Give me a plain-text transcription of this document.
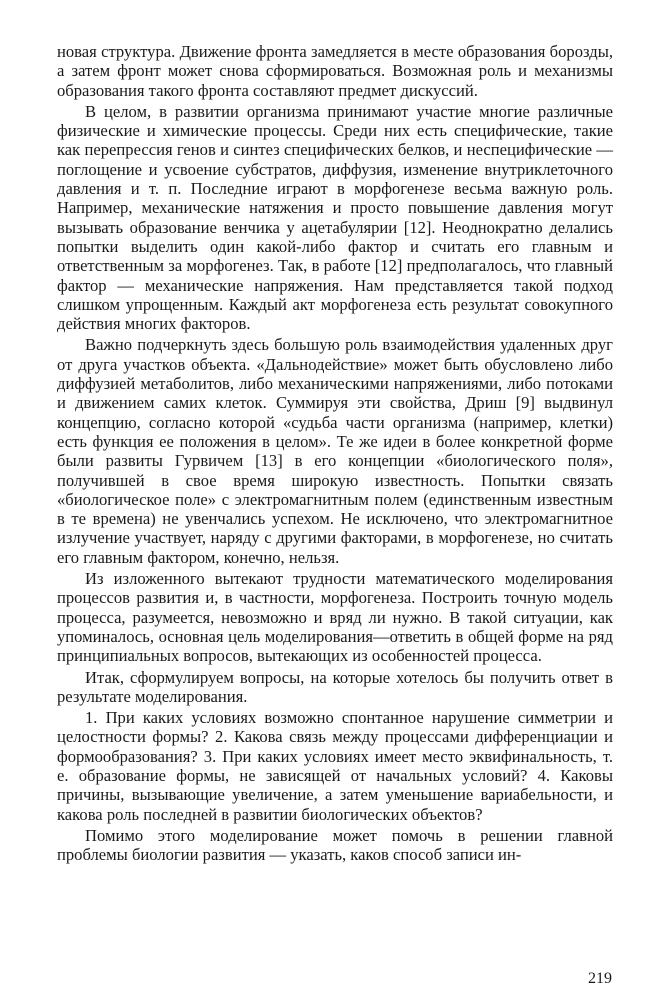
новая структура. Движение фронта замедляется в месте образования борозды, а затем фронт может снова сформироваться. Возможная роль и механизмы образования такого фронта составляют предмет дискуссий.

В целом, в развитии организма принимают участие многие различные физические и химические процессы. Среди них есть специфические, такие как перепрессия генов и синтез специфических белков, и неспецифические — поглощение и усвоение субстратов, диффузия, изменение внутриклеточного давления и т. п. Последние играют в морфогенезе весьма важную роль. Например, механические натяжения и просто повышение давления могут вызывать образование венчика у ацетабулярии [12]. Неоднократно делались попытки выделить один какой-либо фактор и считать его главным и ответственным за морфогенез. Так, в работе [12] предполагалось, что главный фактор — механические напряжения. Нам представляется такой подход слишком упрощенным. Каждый акт морфогенеза есть результат совокупного действия многих факторов.

Важно подчеркнуть здесь большую роль взаимодействия удаленных друг от друга участков объекта. «Дальнодействие» может быть обусловлено либо диффузией метаболитов, либо механическими напряжениями, либо потоками и движением самих клеток. Суммируя эти свойства, Дриш [9] выдвинул концепцию, согласно которой «судьба части организма (например, клетки) есть функция ее положения в целом». Те же идеи в более конкретной форме были развиты Гурвичем [13] в его концепции «биологического поля», получившей в свое время широкую известность. Попытки связать «биологическое поле» с электромагнитным полем (единственным известным в те времена) не увенчались успехом. Не исключено, что электромагнитное излучение участвует, наряду с другими факторами, в морфогенезе, но считать его главным фактором, конечно, нельзя.

Из изложенного вытекают трудности математического моделирования процессов развития и, в частности, морфогенеза. Построить точную модель процесса, разумеется, невозможно и вряд ли нужно. В такой ситуации, как упоминалось, основная цель моделирования—ответить в общей форме на ряд принципиальных вопросов, вытекающих из особенностей процесса.

Итак, сформулируем вопросы, на которые хотелось бы получить ответ в результате моделирования.

1. При каких условиях возможно спонтанное нарушение симметрии и целостности формы? 2. Какова связь между процессами дифференциации и формообразования? 3. При каких условиях имеет место эквифинальность, т. е. образование формы, не зависящей от начальных условий? 4. Каковы причины, вызывающие увеличение, а затем уменьшение вариабельности, и какова роль последней в развитии биологических объектов?

Помимо этого моделирование может помочь в решении главной проблемы биологии развития — указать, каков способ записи ин-

219
